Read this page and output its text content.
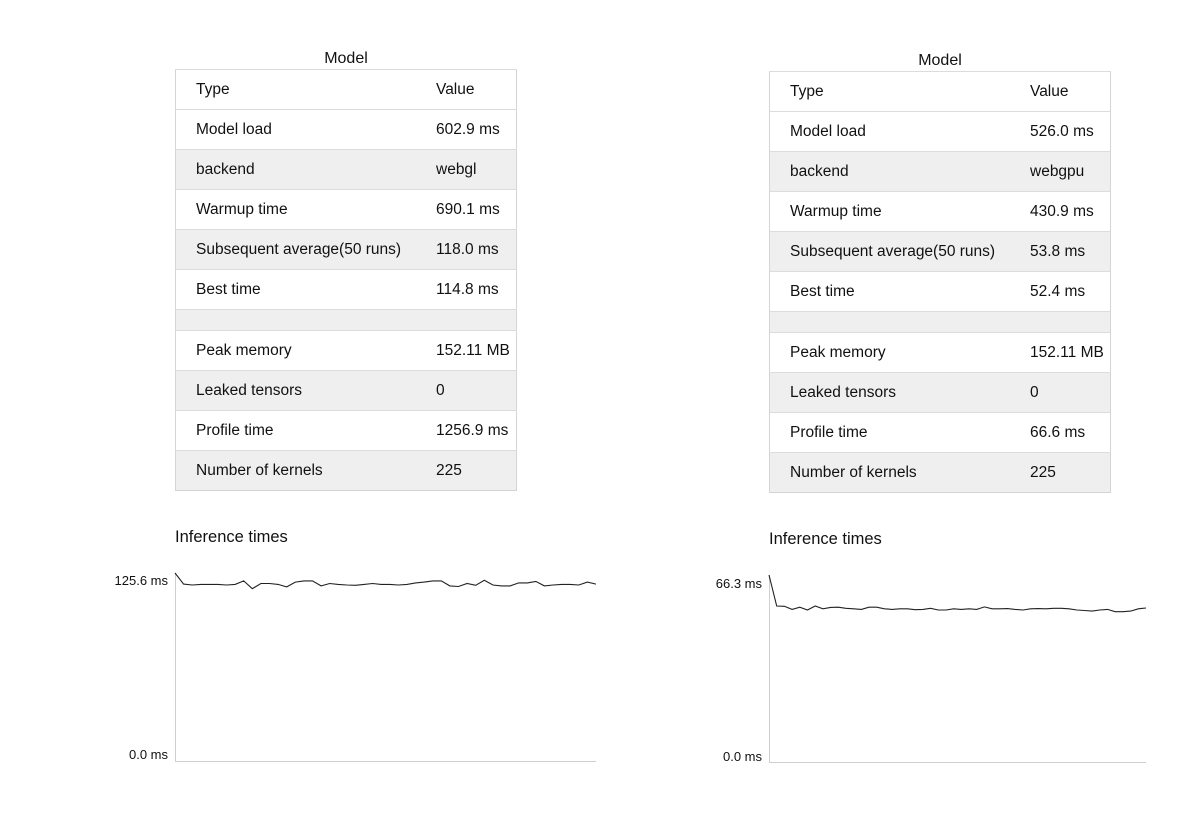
Model
Type	Value
Model load	602.9 ms
backend	webgl
Warmup time	690.1 ms
Subsequent average(50 runs)	118.0 ms
Best time	114.8 ms

Peak memory	152.11 MB
Leaked tensors	0
Profile time	1256.9 ms
Number of kernels	225
Model
Type	Value
Model load	526.0 ms
backend	webgpu
Warmup time	430.9 ms
Subsequent average(50 runs)	53.8 ms
Best time	52.4 ms

Peak memory	152.11 MB
Leaked tensors	0
Profile time	66.6 ms
Number of kernels	225
Inference times
125.6 ms
0.0 ms
Inference times
66.3 ms
0.0 ms
